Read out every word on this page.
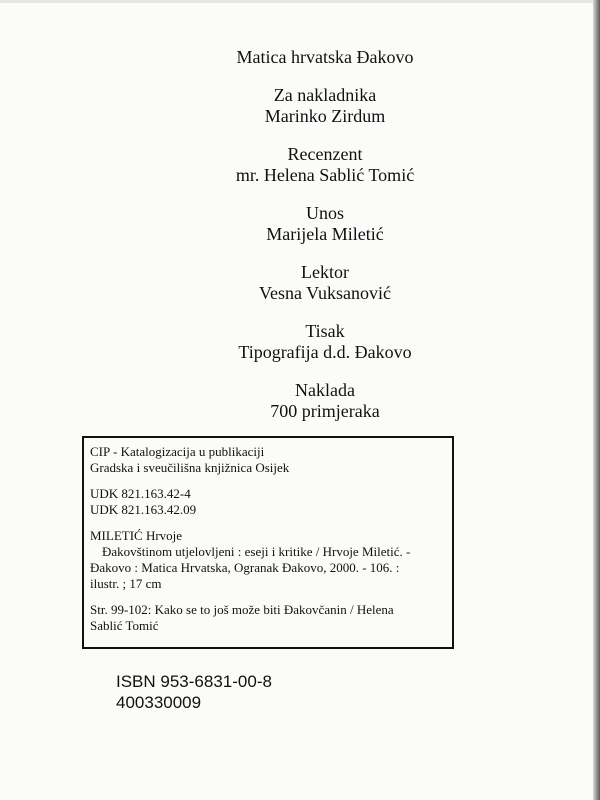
Matica hrvatska Đakovo
Za nakladnika
Marinko Zirdum
Recenzent
mr. Helena Sablić Tomić
Unos
Marijela Miletić
Lektor
Vesna Vuksanović
Tisak
Tipografija d.d. Đakovo
Naklada
700 primjeraka

CIP - Katalogizacija u publikaciji

Gradska i sveučilišna knjižnica Osijek

UDK 821.163.42-4

UDK 821.163.42.09

MILETIĆ Hrvoje

Đakovštinom utjelovljeni : eseji i kritike / Hrvoje Miletić. -

Đakovo : Matica Hrvatska, Ogranak Đakovo, 2000. - 106. :

ilustr. ; 17 cm

Str. 99-102: Kako se to još može biti Đakovčanin / Helena

Sablić Tomić

ISBN 953-6831-00-8
400330009
